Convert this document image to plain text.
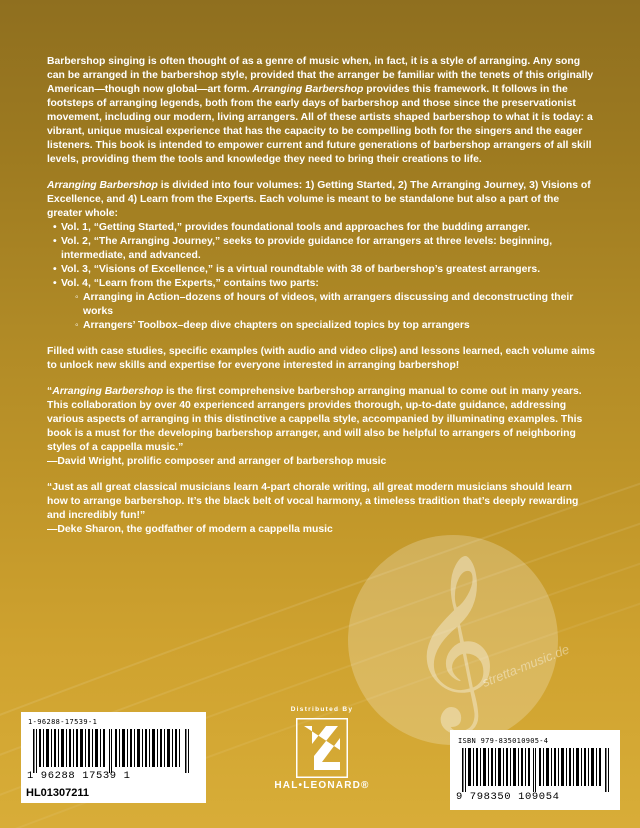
Barbershop singing is often thought of as a genre of music when, in fact, it is a style of arranging. Any song can be arranged in the barbershop style, provided that the arranger be familiar with the tenets of this originally American—though now global—art form. Arranging Barbershop provides this framework. It follows in the footsteps of arranging legends, both from the early days of barbershop and those since the preservationist movement, including our modern, living arrangers. All of these artists shaped barbershop to what it is today: a vibrant, unique musical experience that has the capacity to be compelling both for the singers and the eager listeners. This book is intended to empower current and future generations of barbershop arrangers of all skill levels, providing them the tools and knowledge they need to bring their creations to life.

Arranging Barbershop is divided into four volumes: 1) Getting Started, 2) The Arranging Journey, 3) Visions of Excellence, and 4) Learn from the Experts. Each volume is meant to be standalone but also a part of the greater whole:

• Vol. 1, “Getting Started,” provides foundational tools and approaches for the budding arranger.
• Vol. 2, “The Arranging Journey,” seeks to provide guidance for arrangers at three levels: beginning, intermediate, and advanced.
• Vol. 3, “Visions of Excellence,” is a virtual roundtable with 38 of barbershop’s greatest arrangers.
• Vol. 4, “Learn from the Experts,” contains two parts:
◦ Arranging in Action–dozens of hours of videos, with arrangers discussing and deconstructing their works
◦ Arrangers’ Toolbox–deep dive chapters on specialized topics by top arrangers

Filled with case studies, specific examples (with audio and video clips) and lessons learned, each volume aims to unlock new skills and expertise for everyone interested in arranging barbershop!

“Arranging Barbershop is the first comprehensive barbershop arranging manual to come out in many years. This collaboration by over 40 experienced arrangers provides thorough, up-to-date guidance, addressing various aspects of arranging in this distinctive a cappella style, accompanied by illuminating examples. This book is a must for the developing barbershop arranger, and will also be helpful to arrangers of neighboring styles of a cappella music.”

—David Wright, prolific composer and arranger of barbershop music

“Just as all great classical musicians learn 4-part chorale writing, all great modern musicians should learn how to arrange barbershop. It’s the black belt of vocal harmony, a timeless tradition that’s deeply rewarding and incredibly fun!”

—Deke Sharon, the godfather of modern a cappella music

𝄞
stretta-music.de
1-96288-17539-1
1 96288 17539 1
HL01307211
Distributed By
HAL•LEONARD®
ISBN 979-835010905-4
9 798350 109054
